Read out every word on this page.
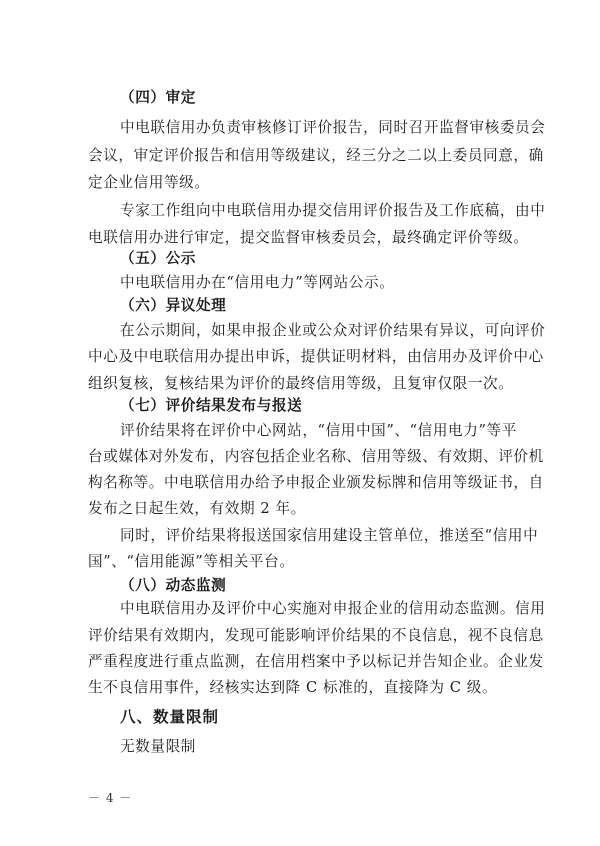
（四）审定
中电联信用办负责审核修订评价报告，同时召开监督审核委员会
会议，审定评价报告和信用等级建议，经三分之二以上委员同意，确
定企业信用等级。
专家工作组向中电联信用办提交信用评价报告及工作底稿，由中
电联信用办进行审定，提交监督审核委员会，最终确定评价等级。
（五）公示
中电联信用办在“信用电力”等网站公示。
（六）异议处理
在公示期间，如果申报企业或公众对评价结果有异议，可向评价
中心及中电联信用办提出申诉，提供证明材料，由信用办及评价中心
组织复核，复核结果为评价的最终信用等级，且复审仅限一次。
（七）评价结果发布与报送
评价结果将在评价中心网站，“信用中国”、“信用电力”等平
台或媒体对外发布，内容包括企业名称、信用等级、有效期、评价机
构名称等。中电联信用办给予申报企业颁发标牌和信用等级证书，自
发布之日起生效，有效期 2 年。
同时，评价结果将报送国家信用建设主管单位，推送至“信用中
国”、“信用能源”等相关平台。
（八）动态监测
中电联信用办及评价中心实施对申报企业的信用动态监测。信用
评价结果有效期内，发现可能影响评价结果的不良信息，视不良信息
严重程度进行重点监测，在信用档案中予以标记并告知企业。企业发
生不良信用事件，经核实达到降 C 标准的，直接降为 C 级。
八、数量限制
无数量限制
－ 4 －
